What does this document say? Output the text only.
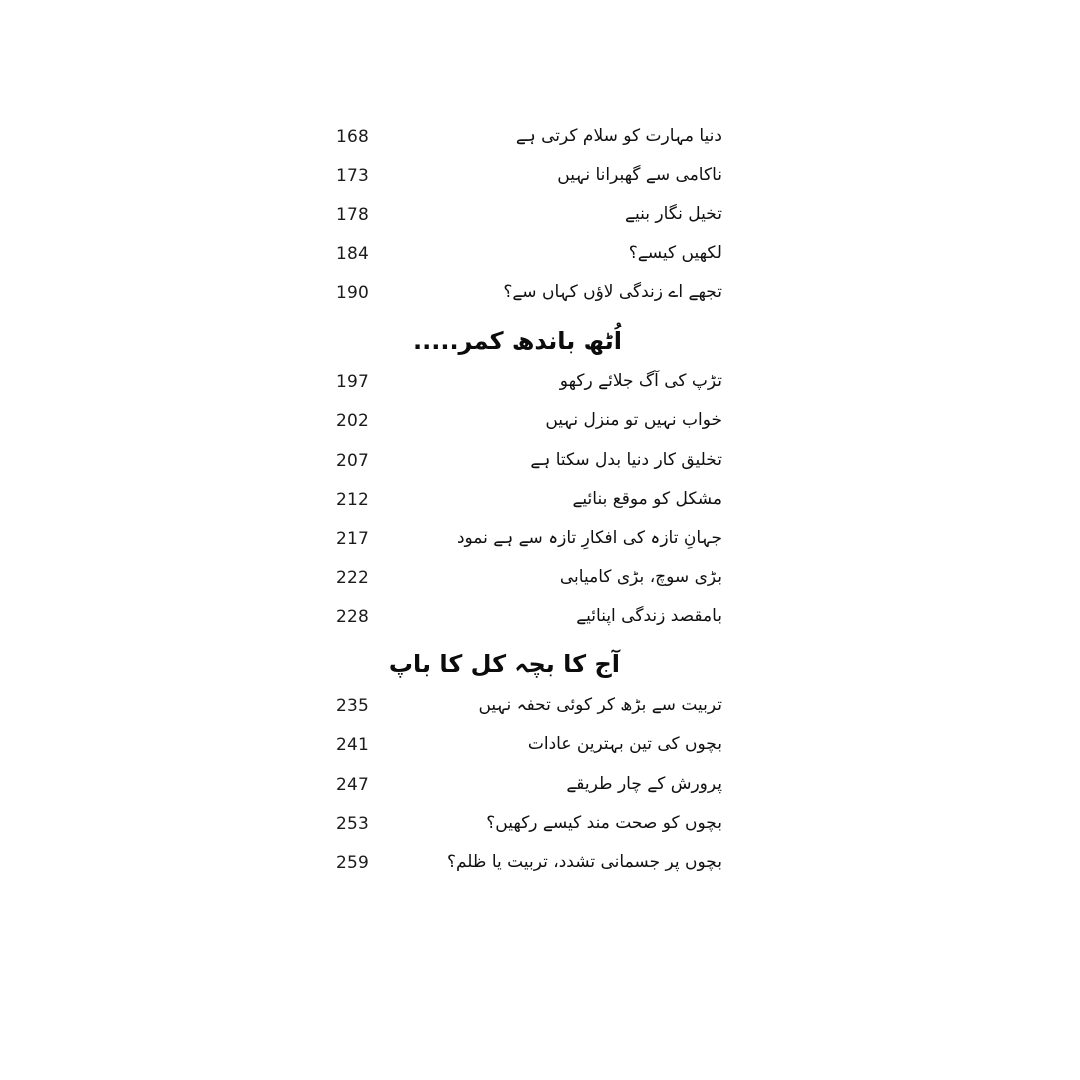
168	دنیا مہارت کو سلام کرتی ہے
173	ناکامی سے گھبرانا نہیں
178	تخیل نگار بنیے
184	لکھیں کیسے؟
190	تجھے اے زندگی لاؤں کہاں سے؟
اُٹھ باندھ کمر.....
197	تڑپ کی آگ جلائے رکھو
202	خواب نہیں تو منزل نہیں
207	تخلیق کار دنیا بدل سکتا ہے
212	مشکل کو موقع بنائیے
217	جہانِ تازہ کی افکارِ تازہ سے ہے نمود
222	بڑی سوچ، بڑی کامیابی
228	بامقصد زندگی اپنائیے
آج کا بچہ کل کا باپ
235	تربیت سے بڑھ کر کوئی تحفہ نہیں
241	بچوں کی تین بہترین عادات
247	پرورش کے چار طریقے
253	بچوں کو صحت مند کیسے رکھیں؟
259	بچوں پر جسمانی تشدد، تربیت یا ظلم؟
